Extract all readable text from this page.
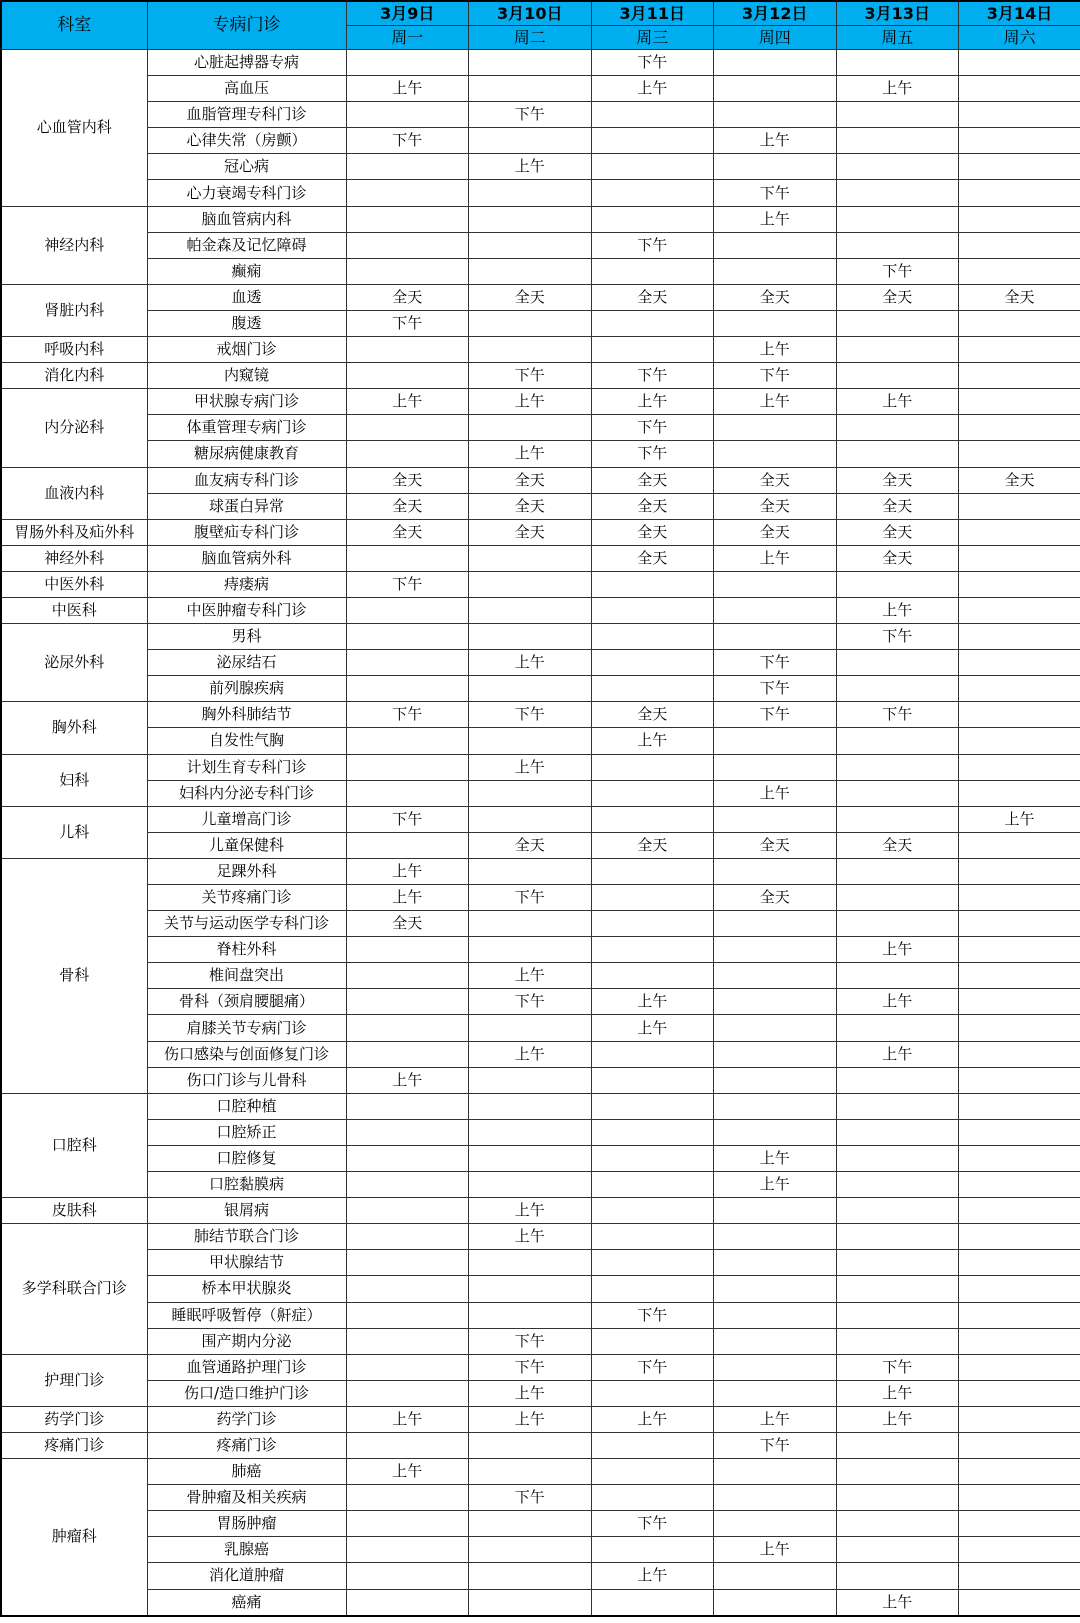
科室	专病门诊	3月9日	3月10日	3月11日	3月12日	3月13日	3月14日
		周一	周二	周三	周四	周五	周六
心血管内科	心脏起搏器专病			下午			
	高血压	上午		上午		上午	
	血脂管理专科门诊		下午				
	心律失常（房颤）	下午			上午		
	冠心病		上午				
	心力衰竭专科门诊				下午		
神经内科	脑血管病内科				上午		
	帕金森及记忆障碍			下午			
	癫痫					下午	
肾脏内科	血透	全天	全天	全天	全天	全天	全天
	腹透	下午					
呼吸内科	戒烟门诊				上午		
消化内科	内窥镜		下午	下午	下午		
内分泌科	甲状腺专病门诊	上午	上午	上午	上午	上午	
	体重管理专病门诊			下午			
	糖尿病健康教育		上午	下午			
血液内科	血友病专科门诊	全天	全天	全天	全天	全天	全天
	球蛋白异常	全天	全天	全天	全天	全天	
胃肠外科及疝外科	腹壁疝专科门诊	全天	全天	全天	全天	全天	
神经外科	脑血管病外科			全天	上午	全天	
中医外科	痔瘘病	下午					
中医科	中医肿瘤专科门诊					上午	
泌尿外科	男科					下午	
	泌尿结石		上午		下午		
	前列腺疾病				下午		
胸外科	胸外科肺结节	下午	下午	全天	下午	下午	
	自发性气胸			上午			
妇科	计划生育专科门诊		上午				
	妇科内分泌专科门诊				上午		
儿科	儿童增高门诊	下午					上午
	儿童保健科		全天	全天	全天	全天	
骨科	足踝外科	上午					
	关节疼痛门诊	上午	下午		全天		
	关节与运动医学专科门诊	全天					
	脊柱外科					上午	
	椎间盘突出		上午				
	骨科（颈肩腰腿痛）		下午	上午		上午	
	肩膝关节专病门诊			上午			
	伤口感染与创面修复门诊		上午			上午	
	伤口门诊与儿骨科	上午					
口腔科	口腔种植						
	口腔矫正						
	口腔修复				上午		
	口腔黏膜病				上午		
皮肤科	银屑病		上午				
多学科联合门诊	肺结节联合门诊		上午				
	甲状腺结节						
	桥本甲状腺炎						
	睡眠呼吸暂停（鼾症）			下午			
	围产期内分泌		下午				
护理门诊	血管通路护理门诊		下午	下午		下午	
	伤口/造口维护门诊		上午			上午	
药学门诊	药学门诊	上午	上午	上午	上午	上午	
疼痛门诊	疼痛门诊				下午		
肿瘤科	肺癌	上午					
	骨肿瘤及相关疾病		下午				
	胃肠肿瘤			下午			
	乳腺癌				上午		
	消化道肿瘤			上午			
	癌痛					上午	
